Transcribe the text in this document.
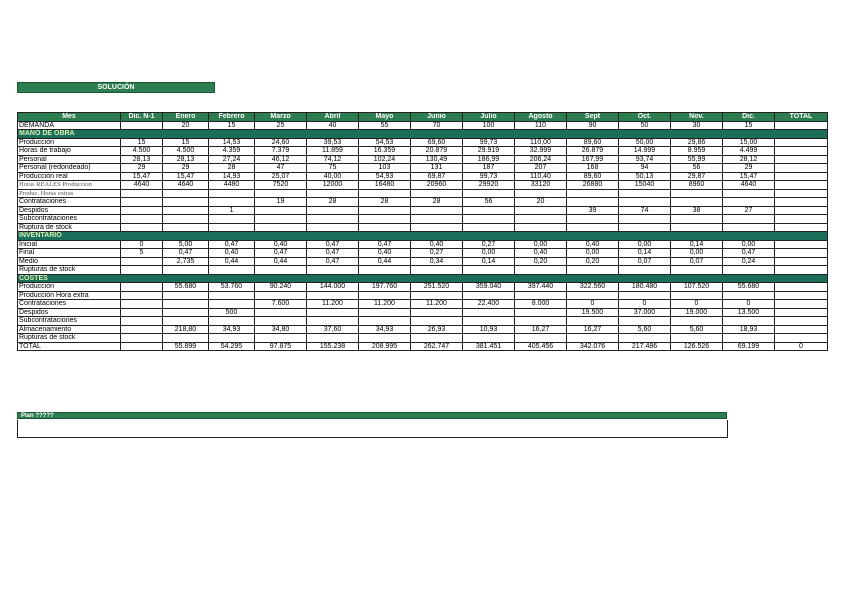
SOLUCIÓN
Mes	Dic. N-1	Enero	Febrero	Marzo	Abril	Mayo	Junio	Julio	Agosto	Sept	Oct.	Nov.	Dic.	TOTAL
DEMANDA		20	15	25	40	55	70	100	110	90	50	30	15	
MANO DE OBRA														
Producción	15	15	14,53	24,60	39,53	54,53	69,60	99,73	110,00	89,60	50,00	29,86	15,00	
Horas de trabajo	4.500	4.500	4.359	7.379	11.859	16.359	20.879	29.919	32.999	26.879	14.999	8.959	4.499	
Personal	28,13	28,13	27,24	46,12	74,12	102,24	130,49	186,99	206,24	167,99	93,74	55,99	28,12	
Personal (redondeado)	29	29	28	47	75	103	131	187	207	168	94	56	29	
Producción real	15,47	15,47	14,93	25,07	40,00	54,93	69,87	99,73	110,40	89,60	50,13	29,87	15,47	
Horas REALES Produccion	4640	4640	4480	7520	12000	16480	20960	29920	33120	26880	15040	8960	4640	
Produc. Horas extras														
Contrataciones				19	28	28	28	56	20					
Despidos			1							39	74	38	27	
Subcontrataciones														
Ruptura de stock														
INVENTARIO														
Inicial	0	5,00	0,47	0,40	0,47	0,47	0,40	0,27	0,00	0,40	0,00	0,14	0,00	
Final	5	0,47	0,40	0,47	0,47	0,40	0,27	0,00	0,40	0,00	0,14	0,00	0,47	
Medio		2,735	0,44	0,44	0,47	0,44	0,34	0,14	0,20	0,20	0,07	0,07	0,24	
Rupturas de stock														
COSTES														
Producción		55.680	53.760	90.240	144.000	197.760	251.520	359.040	397.440	322.560	180.480	107.520	55.680	
Producción Hora extra														
Contrataciones				7.600	11.200	11.200	11.200	22.400	8.000	0	0	0	0	
Despidos			500							19.500	37.000	19.000	13.500	
Subcontrataciones														
Almacenamiento		218,80	34,93	34,80	37,60	34,93	26,93	10,93	16,27	16,27	5,60	5,60	18,93	
Rupturas de stock														
TOTAL		55.899	54.295	97.875	155.238	208.995	262.747	381.451	405.456	342.076	217.486	126.526	69.199	0
Plan ?????
